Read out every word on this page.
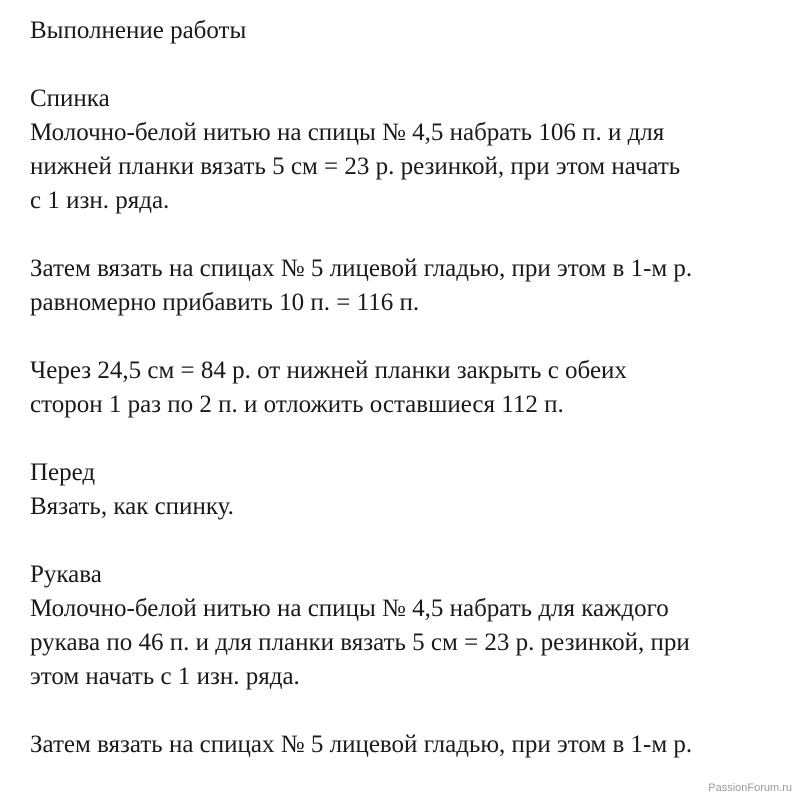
Выполнение работы
Спинка
Молочно-белой нитью на спицы № 4,5 набрать 106 п. и для
нижней планки вязать 5 см = 23 р. резинкой, при этом начать
с 1 изн. ряда.
Затем вязать на спицах № 5 лицевой гладью, при этом в 1-м р.
равномерно прибавить 10 п. = 116 п.
Через 24,5 см = 84 р. от нижней планки закрыть с обеих
сторон 1 раз по 2 п. и отложить оставшиеся 112 п.
Перед
Вязать, как спинку.
Рукава
Молочно-белой нитью на спицы № 4,5 набрать для каждого
рукава по 46 п. и для планки вязать 5 см = 23 р. резинкой, при
этом начать с 1 изн. ряда.
Затем вязать на спицах № 5 лицевой гладью, при этом в 1-м р.
PassionForum.ru
